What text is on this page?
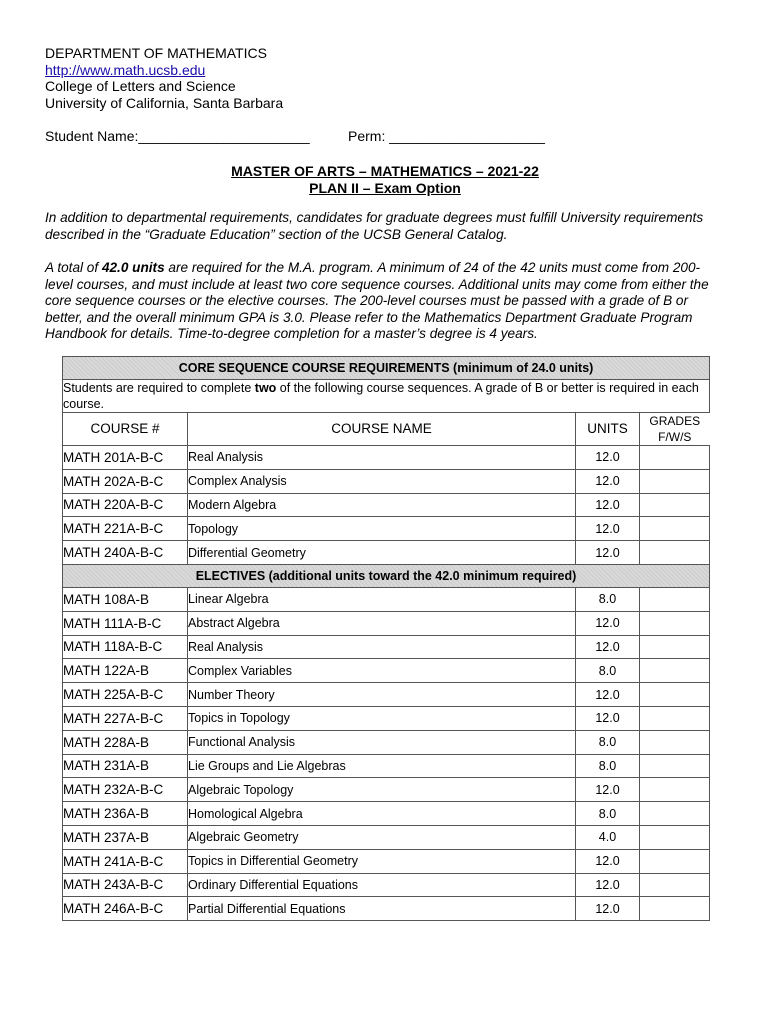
DEPARTMENT OF MATHEMATICS
http://www.math.ucsb.edu
College of Letters and Science
University of California, Santa Barbara
Student Name:______________________	Perm: ____________________
MASTER OF ARTS – MATHEMATICS – 2021-22
PLAN II – Exam Option
In addition to departmental requirements, candidates for graduate degrees must fulfill University requirements described in the “Graduate Education” section of the UCSB General Catalog.
A total of 42.0 units are required for the M.A. program. A minimum of 24 of the 42 units must come from 200-level courses, and must include at least two core sequence courses. Additional units may come from either the core sequence courses or the elective courses. The 200-level courses must be passed with a grade of B or better, and the overall minimum GPA is 3.0. Please refer to the Mathematics Department Graduate Program Handbook for details. Time-to-degree completion for a master’s degree is 4 years.
CORE SEQUENCE COURSE REQUIREMENTS (minimum of 24.0 units)			
Students are required to complete two of the following course sequences. A grade of B or better is required in each course.			
COURSE #	COURSE NAME	UNITS	GRADES
F/W/S
MATH 201A-B-C	Real Analysis	12.0	
MATH 202A-B-C	Complex Analysis	12.0	
MATH 220A-B-C	Modern Algebra	12.0	
MATH 221A-B-C	Topology	12.0	
MATH 240A-B-C	Differential Geometry	12.0	
ELECTIVES (additional units toward the 42.0 minimum required)			
MATH 108A-B	Linear Algebra	8.0	
MATH 111A-B-C	Abstract Algebra	12.0	
MATH 118A-B-C	Real Analysis	12.0	
MATH 122A-B	Complex Variables	8.0	
MATH 225A-B-C	Number Theory	12.0	
MATH 227A-B-C	Topics in Topology	12.0	
MATH 228A-B	Functional Analysis	8.0	
MATH 231A-B	Lie Groups and Lie Algebras	8.0	
MATH 232A-B-C	Algebraic Topology	12.0	
MATH 236A-B	Homological Algebra	8.0	
MATH 237A-B	Algebraic Geometry	4.0	
MATH 241A-B-C	Topics in Differential Geometry	12.0	
MATH 243A-B-C	Ordinary Differential Equations	12.0	
MATH 246A-B-C	Partial Differential Equations	12.0	
